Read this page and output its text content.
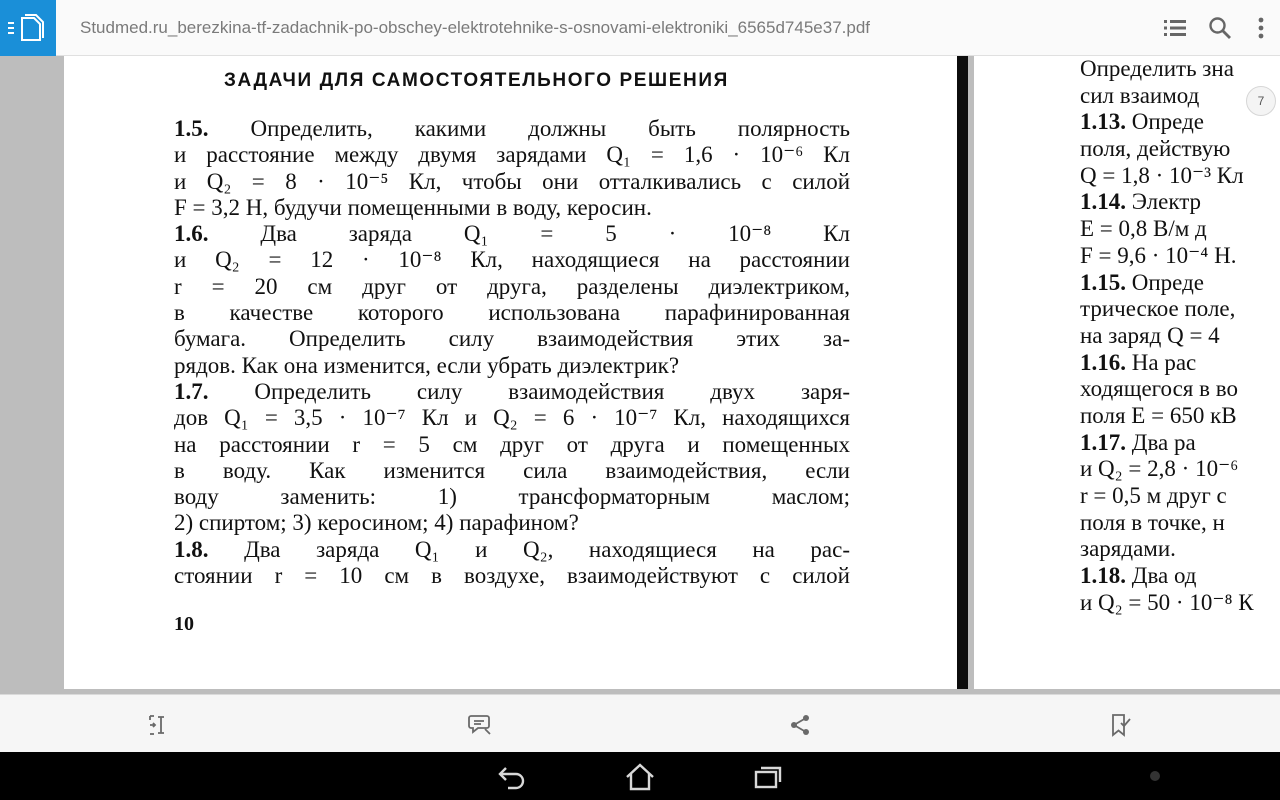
Studmed.ru_berezkina-tf-zadachnik-po-obschey-elektrotehnike-s-osnovami-elektroniki_6565d745e37.pdf
ЗАДАЧИ ДЛЯ САМОСТОЯТЕЛЬНОГО РЕШЕНИЯ
1.5. Определить, какими должны быть полярность
и расстояние между двумя зарядами Q₁ = 1,6 · 10⁻⁶ Кл
и Q₂ = 8 · 10⁻⁵ Кл, чтобы они отталкивались с силой
F = 3,2 Н, будучи помещенными в воду, керосин.
1.6. Два заряда Q₁ = 5 · 10⁻⁸ Кл
и Q₂ = 12 · 10⁻⁸ Кл, находящиеся на расстоянии
r = 20 см друг от друга, разделены диэлектриком,
в качестве которого использована парафинированная
бумага. Определить силу взаимодействия этих за-
рядов. Как она изменится, если убрать диэлектрик?
1.7. Определить силу взаимодействия двух заря-
дов Q₁ = 3,5 · 10⁻⁷ Кл и Q₂ = 6 · 10⁻⁷ Кл, находящихся
на расстоянии r = 5 см друг от друга и помещенных
в воду. Как изменится сила взаимодействия, если
воду заменить: 1) трансформаторным маслом;
2) спиртом; 3) керосином; 4) парафином?
1.8. Два заряда Q₁ и Q₂, находящиеся на рас-
стоянии r = 10 см в воздухе, взаимодействуют с силой
10
Определить зна
сил взаимод
1.13. Опреде
поля, действую
Q = 1,8 · 10⁻³ Кл
1.14. Электр
E = 0,8 В/м д
F = 9,6 · 10⁻⁴ Н.
1.15. Опреде
трическое поле,
на заряд Q = 4
1.16. На рас
ходящегося в во
поля E = 650 кВ
1.17. Два ра
и Q₂ = 2,8 · 10⁻⁶
r = 0,5 м друг с
поля в точке, н
зарядами.
1.18. Два од
и Q₂ = 50 · 10⁻⁸ К
7
